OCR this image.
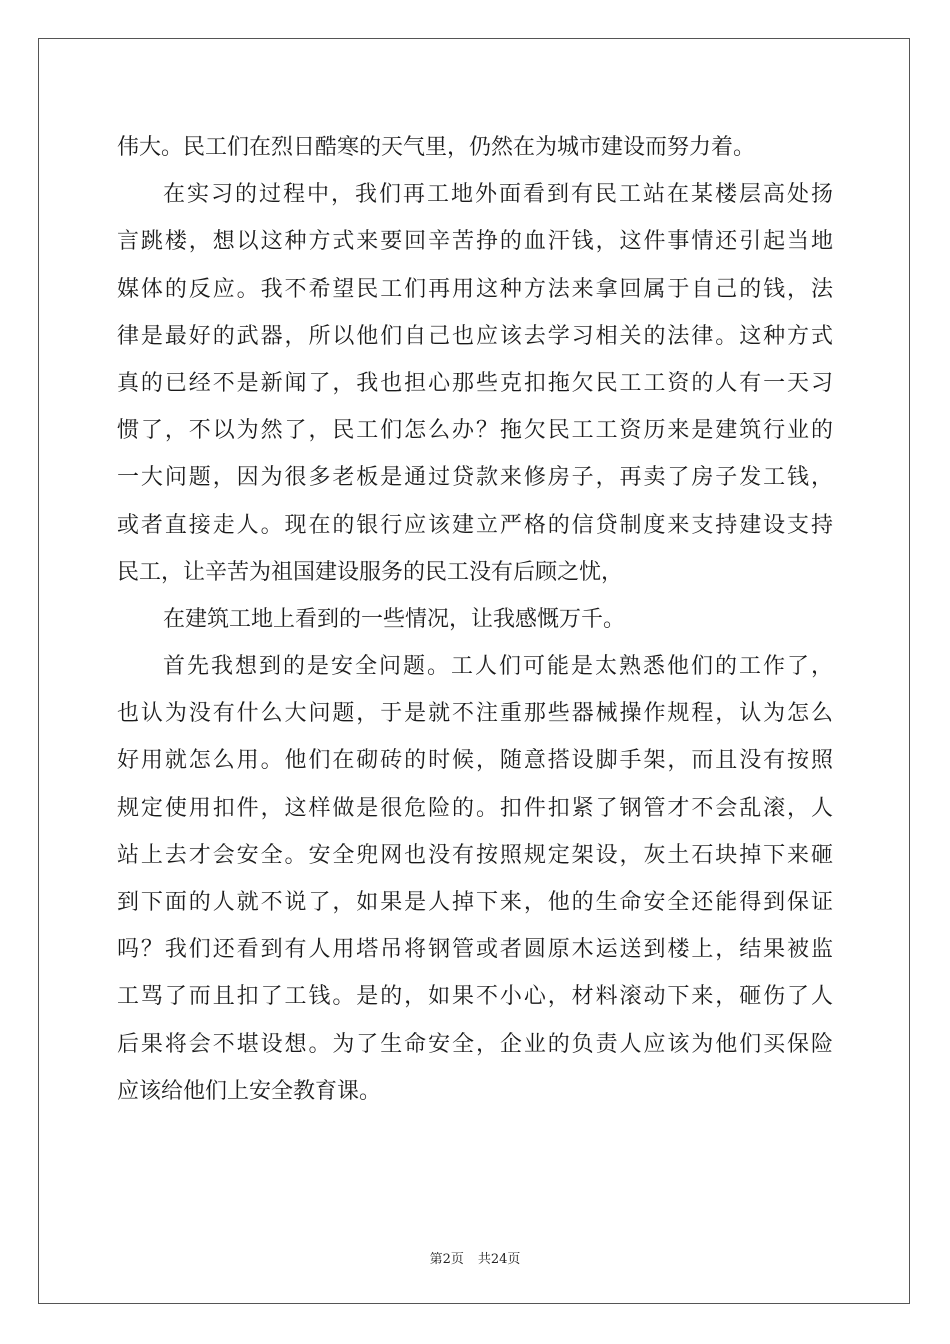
伟大。民工们在烈日酷寒的天气里，仍然在为城市建设而努力着。
在实习的过程中，我们再工地外面看到有民工站在某楼层高处扬
言跳楼，想以这种方式来要回辛苦挣的血汗钱，这件事情还引起当地
媒体的反应。我不希望民工们再用这种方法来拿回属于自己的钱，法
律是最好的武器，所以他们自己也应该去学习相关的法律。这种方式
真的已经不是新闻了，我也担心那些克扣拖欠民工工资的人有一天习
惯了，不以为然了，民工们怎么办？拖欠民工工资历来是建筑行业的
一大问题，因为很多老板是通过贷款来修房子，再卖了房子发工钱，
或者直接走人。现在的银行应该建立严格的信贷制度来支持建设支持
民工，让辛苦为祖国建设服务的民工没有后顾之忧，
在建筑工地上看到的一些情况，让我感慨万千。
首先我想到的是安全问题。工人们可能是太熟悉他们的工作了，
也认为没有什么大问题，于是就不注重那些器械操作规程，认为怎么
好用就怎么用。他们在砌砖的时候，随意搭设脚手架，而且没有按照
规定使用扣件，这样做是很危险的。扣件扣紧了钢管才不会乱滚，人
站上去才会安全。安全兜网也没有按照规定架设，灰土石块掉下来砸
到下面的人就不说了，如果是人掉下来，他的生命安全还能得到保证
吗？我们还看到有人用塔吊将钢管或者圆原木运送到楼上，结果被监
工骂了而且扣了工钱。是的，如果不小心，材料滚动下来，砸伤了人
后果将会不堪设想。为了生命安全，企业的负责人应该为他们买保险
应该给他们上安全教育课。
第2页 共24页
